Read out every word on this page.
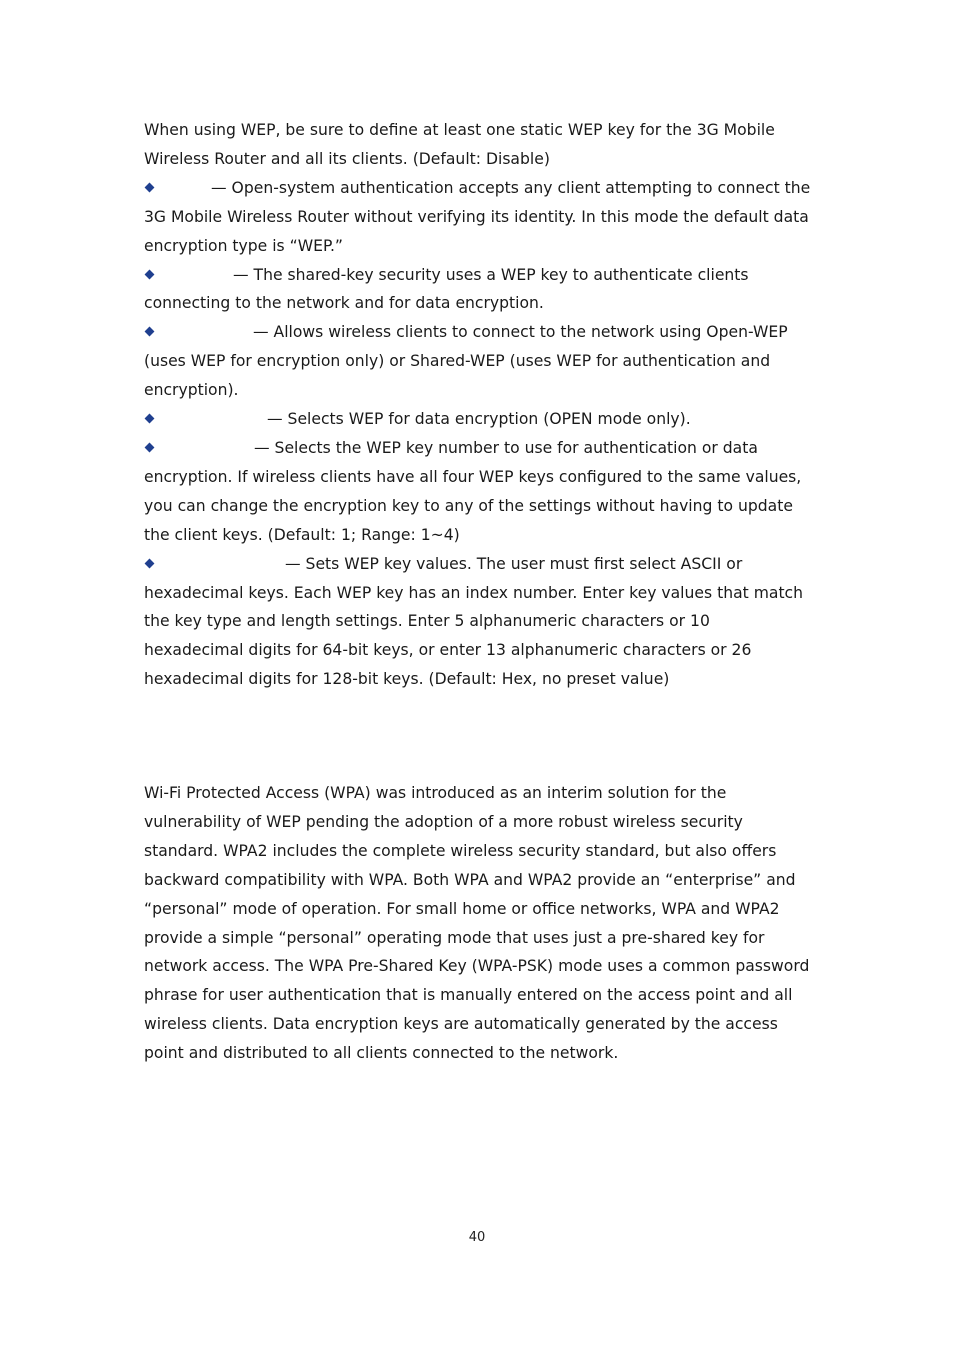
When using WEP, be sure to define at least one static WEP key for the 3G Mobile Wireless Router and all its clients. (Default: Disable)

— Open-system authentication accepts any client attempting to connect the 3G Mobile Wireless Router without verifying its identity. In this mode the default data encryption type is “WEP.”

— The shared-key security uses a WEP key to authenticate clients connecting to the network and for data encryption.

— Allows wireless clients to connect to the network using Open-WEP (uses WEP for encryption only) or Shared-WEP (uses WEP for authentication and encryption).

— Selects WEP for data encryption (OPEN mode only).

— Selects the WEP key number to use for authentication or data encryption. If wireless clients have all four WEP keys configured to the same values, you can change the encryption key to any of the settings without having to update the client keys. (Default: 1; Range: 1~4)

— Sets WEP key values. The user must first select ASCII or hexadecimal keys. Each WEP key has an index number. Enter key values that match the key type and length settings. Enter 5 alphanumeric characters or 10 hexadecimal digits for 64-bit keys, or enter 13 alphanumeric characters or 26 hexadecimal digits for 128-bit keys. (Default: Hex, no preset value)

Wi-Fi Protected Access (WPA) was introduced as an interim solution for the vulnerability of WEP pending the adoption of a more robust wireless security standard. WPA2 includes the complete wireless security standard, but also offers backward compatibility with WPA. Both WPA and WPA2 provide an “enterprise” and “personal” mode of operation. For small home or office networks, WPA and WPA2 provide a simple “personal” operating mode that uses just a pre-shared key for network access. The WPA Pre-Shared Key (WPA-PSK) mode uses a common password phrase for user authentication that is manually entered on the access point and all wireless clients. Data encryption keys are automatically generated by the access point and distributed to all clients connected to the network.

40
